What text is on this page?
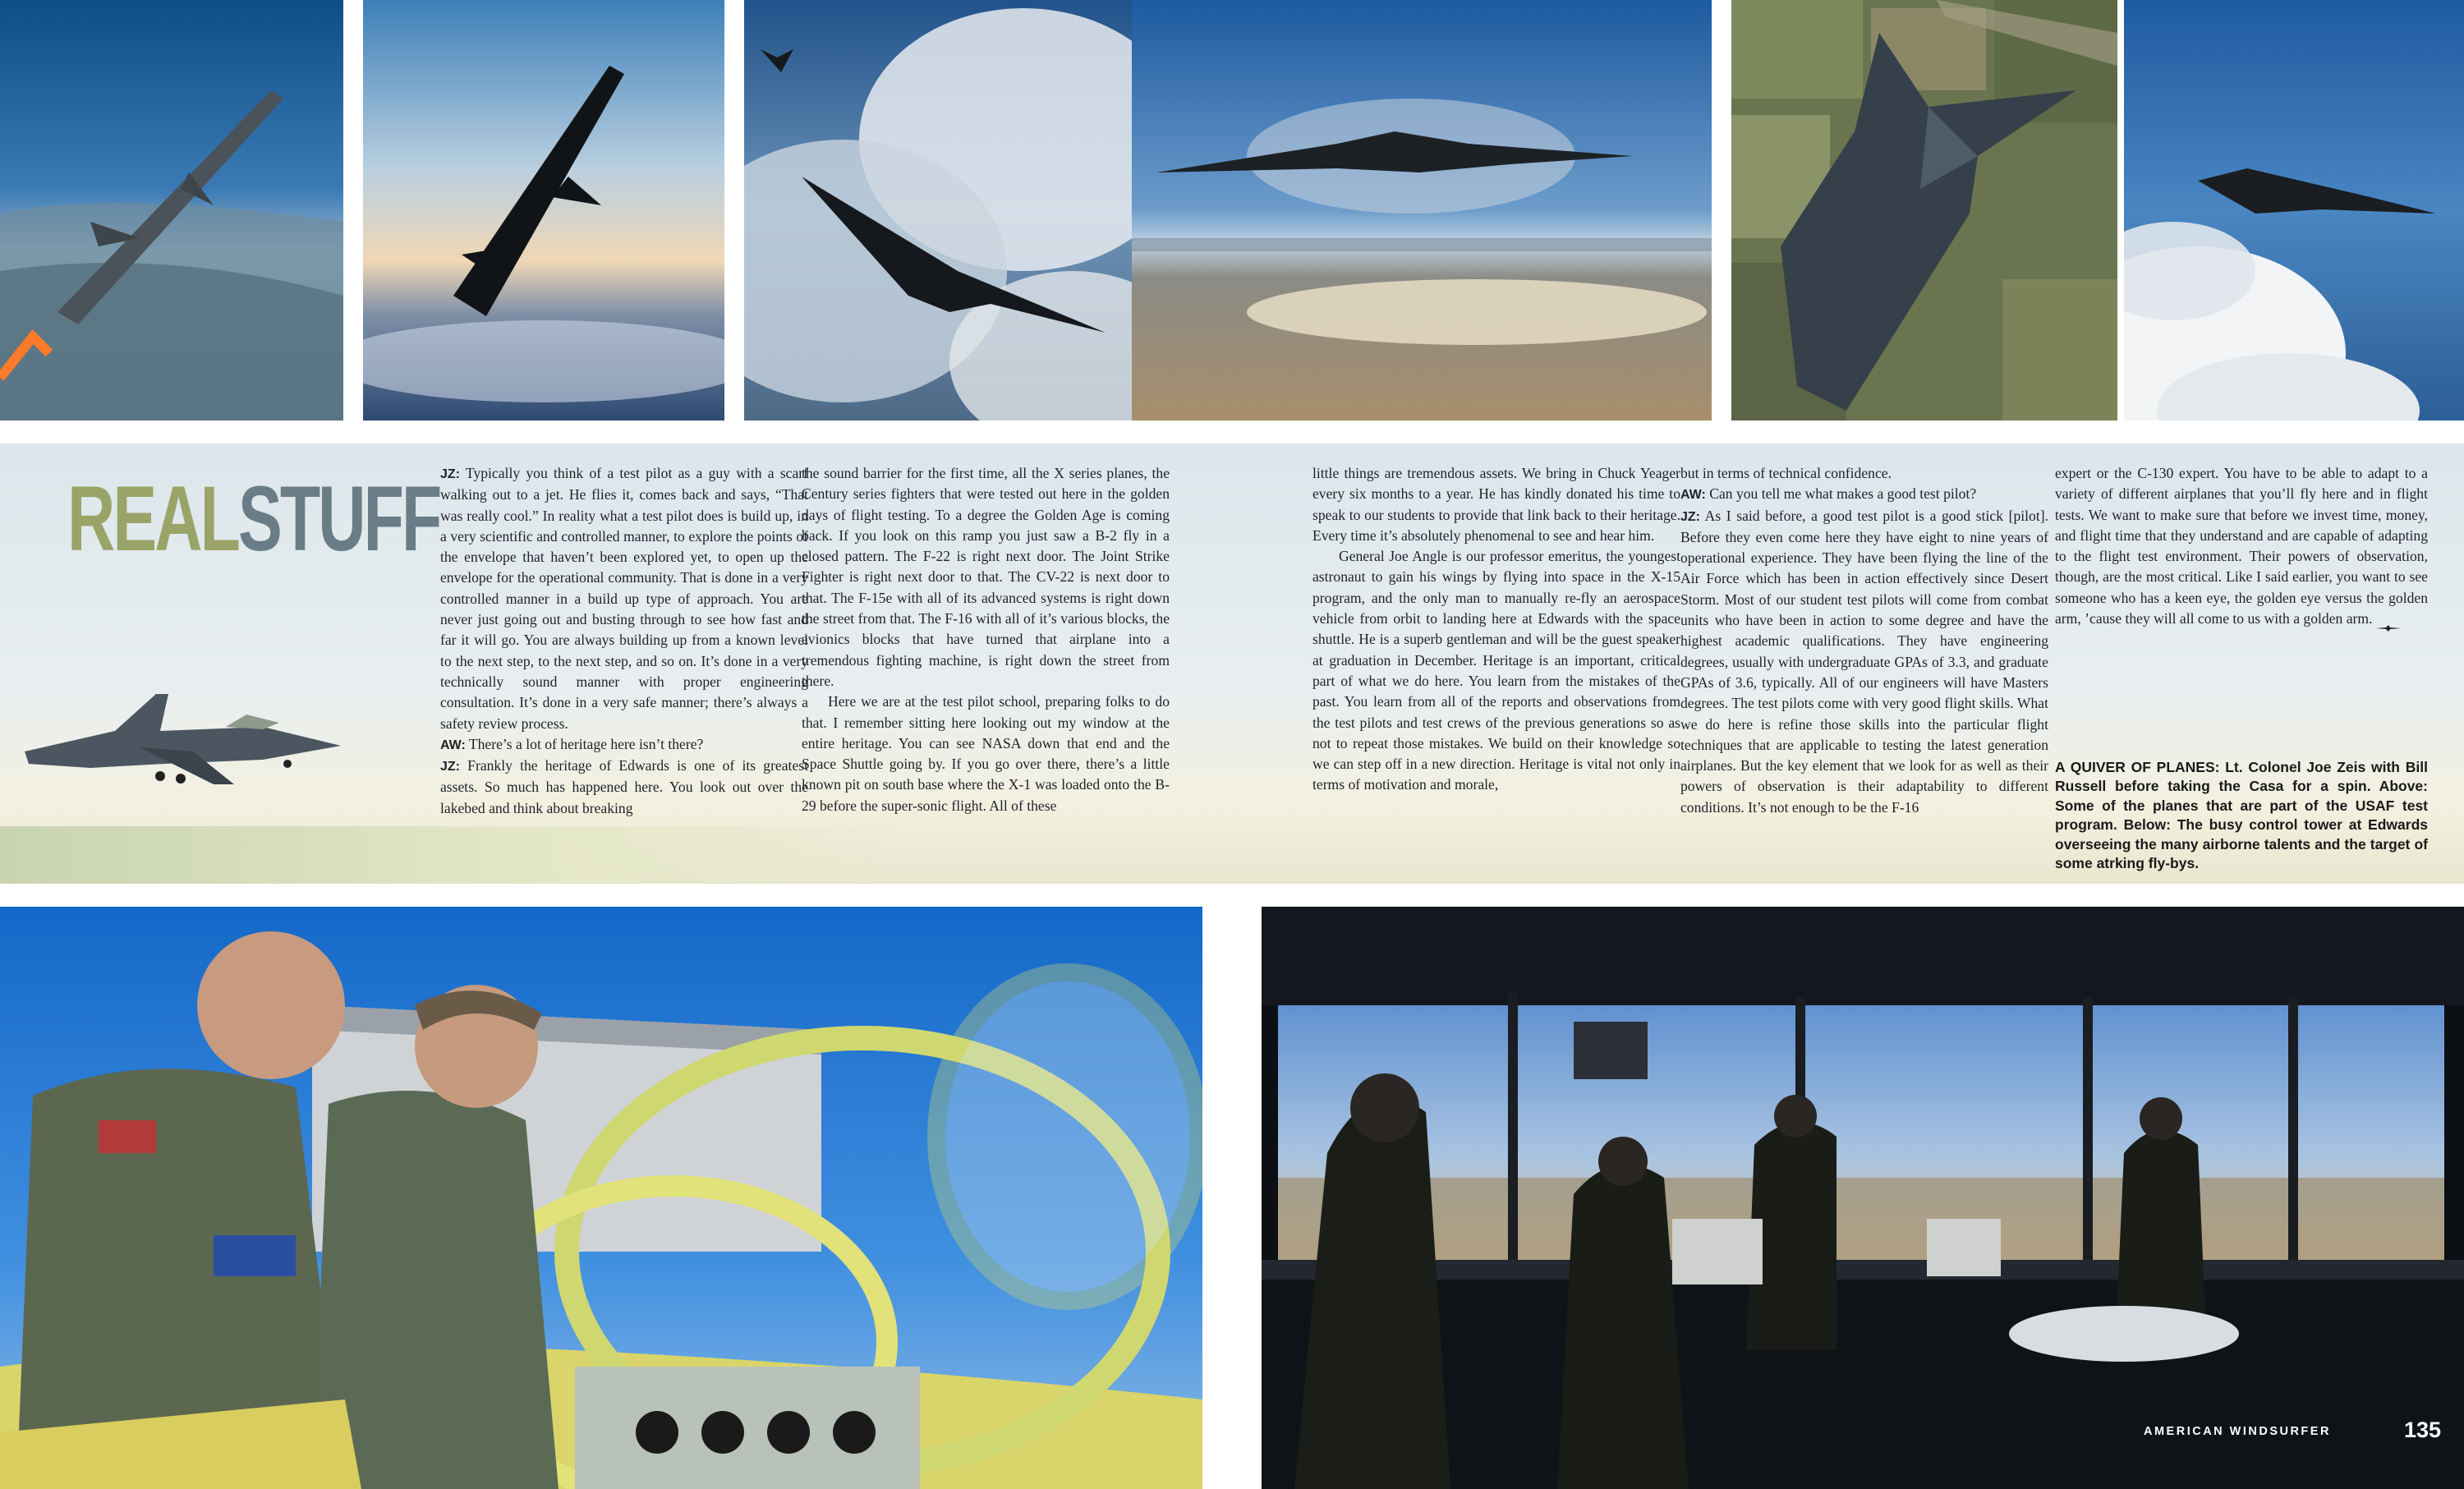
REALSTUFF JZ: Typically you think of a test pilot as a guy with a scarf walking out to a jet. He flies it, comes back and says, “That was really cool.” In reality what a test pilot does is build up, in a very scientific and controlled manner, to explore the points of the envelope that haven’t been explored yet, to open up the envelope for the operational community. That is done in a very controlled manner in a build up type of approach. You are never just going out and busting through to see how fast and far it will go. You are always building up from a known level to the next step, to the next step, and so on. It’s done in a very technically sound manner with proper engineering consultation. It’s done in a very safe manner; there’s always a safety review process.

AW: There’s a lot of heritage here isn’t there?

JZ: Frankly the heritage of Edwards is one of its greatest assets. So much has happened here. You look out over the lakebed and think about breaking

the sound barrier for the first time, all the X series planes, the Century series fighters that were tested out here in the golden days of flight testing. To a degree the Golden Age is coming back. If you look on this ramp you just saw a B-2 fly in a closed pattern. The F-22 is right next door. The Joint Strike Fighter is right next door to that. The CV-22 is next door to that. The F-15e with all of its advanced systems is right down the street from that. The F-16 with all of it’s various blocks, the avionics blocks that have turned that airplane into a tremendous fighting machine, is right down the street from there.

Here we are at the test pilot school, preparing folks to do that. I remember sitting here looking out my window at the entire heritage. You can see NASA down that end and the Space Shuttle going by. If you go over there, there’s a little known pit on south base where the X-1 was loaded onto the B-29 before the super-sonic flight. All of these

little things are tremendous assets. We bring in Chuck Yeager every six months to a year. He has kindly donated his time to speak to our students to provide that link back to their heritage. Every time it’s absolutely phenomenal to see and hear him.

General Joe Angle is our professor emeritus, the youngest astronaut to gain his wings by flying into space in the X-15 program, and the only man to manually re-fly an aerospace vehicle from orbit to landing here at Edwards with the space shuttle. He is a superb gentleman and will be the guest speaker at graduation in December. Heritage is an important, critical part of what we do here. You learn from the mistakes of the past. You learn from all of the reports and observations from the test pilots and test crews of the previous generations so as not to repeat those mistakes. We build on their knowledge so we can step off in a new direction. Heritage is vital not only in terms of motivation and morale,

but in terms of technical confidence.

AW: Can you tell me what makes a good test pilot?

JZ: As I said before, a good test pilot is a good stick [pilot]. Before they even come here they have eight to nine years of operational experience. They have been flying the line of the Air Force which has been in action effectively since Desert Storm. Most of our student test pilots will come from combat units who have been in action to some degree and have the highest academic qualifications. They have engineering degrees, usually with undergraduate GPAs of 3.3, and graduate GPAs of 3.6, typically. All of our engineers will have Masters degrees. The test pilots come with very good flight skills. What we do here is refine those skills into the particular flight techniques that are applicable to testing the latest generation airplanes. But the key element that we look for as well as their powers of observation is their adaptability to different conditions. It’s not enough to be the F-16

expert or the C-130 expert. You have to be able to adapt to a variety of different airplanes that you’ll fly here and in flight tests. We want to make sure that before we invest time, money, and flight time that they understand and are capable of adapting to the flight test environment. Their powers of observation, though, are the most critical. Like I said earlier, you want to see someone who has a keen eye, the golden eye versus the golden arm, ’cause they will all come to us with a golden arm.

A QUIVER OF PLANES: Lt. Colonel Joe Zeis with Bill Russell before taking the Casa for a spin. Above: Some of the planes that are part of the USAF test program. Below: The busy control tower at Edwards overseeing the many airborne talents and the target of some atrking fly-bys.
AMERICAN WINDSURFER	135
